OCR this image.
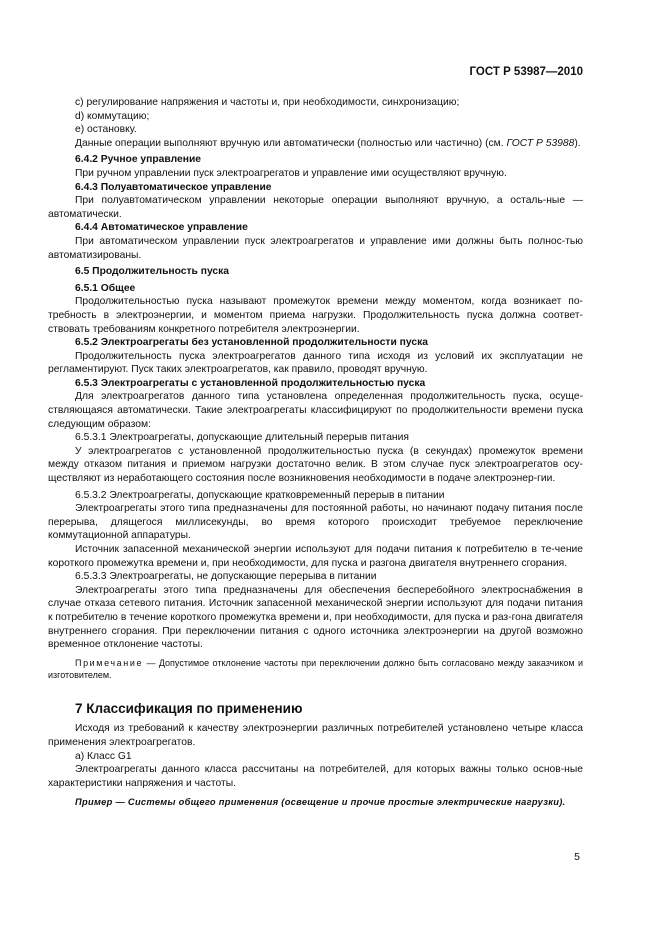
ГОСТ Р 53987—2010

с) регулирование напряжения и частоты и, при необходимости, синхронизацию;

d) коммутацию;

e) остановку.

Данные операции выполняют вручную или автоматически (полностью или частично) (см. ГОСТ Р 53988).

6.4.2 Ручное управление

При ручном управлении пуск электроагрегатов и управление ими осуществляют вручную.

6.4.3 Полуавтоматическое управление

При полуавтоматическом управлении некоторые операции выполняют вручную, а осталь-ные — автоматически.

6.4.4 Автоматическое управление

При автоматическом управлении пуск электроагрегатов и управление ими должны быть полнос-тью автоматизированы.

6.5 Продолжительность пуска

6.5.1 Общее

Продолжительностью пуска называют промежуток времени между моментом, когда возникает по-требность в электроэнергии, и моментом приема нагрузки. Продолжительность пуска должна соответ-ствовать требованиям конкретного потребителя электроэнергии.

6.5.2 Электроагрегаты без установленной продолжительности пуска

Продолжительность пуска электроагрегатов данного типа исходя из условий их эксплуатации не регламентируют. Пуск таких электроагрегатов, как правило, проводят вручную.

6.5.3 Электроагрегаты с установленной продолжительностью пуска

Для электроагрегатов данного типа установлена определенная продолжительность пуска, осуще-ствляющаяся автоматически. Такие электроагрегаты классифицируют по продолжительности времени пуска следующим образом:

6.5.3.1 Электроагрегаты, допускающие длительный перерыв питания

У электроагрегатов с установленной продолжительностью пуска (в секундах) промежуток времени между отказом питания и приемом нагрузки достаточно велик. В этом случае пуск электроагрегатов осу-ществляют из неработающего состояния после возникновения необходимости в подаче электроэнер-гии.

6.5.3.2 Электроагрегаты, допускающие кратковременный перерыв в питании

Электроагрегаты этого типа предназначены для постоянной работы, но начинают подачу питания после перерыва, длящегося миллисекунды, во время которого происходит требуемое переключение коммутационной аппаратуры.

Источник запасенной механической энергии используют для подачи питания к потребителю в те-чение короткого промежутка времени и, при необходимости, для пуска и разгона двигателя внутреннего сгорания.

6.5.3.3 Электроагрегаты, не допускающие перерыва в питании

Электроагрегаты этого типа предназначены для обеспечения бесперебойного электроснабжения в случае отказа сетевого питания. Источник запасенной механической энергии используют для подачи питания к потребителю в течение короткого промежутка времени и, при необходимости, для пуска и раз-гона двигателя внутреннего сгорания. При переключении питания с одного источника электроэнергии на другой возможно временное отклонение частоты.

Примечание — Допустимое отклонение частоты при переключении должно быть согласовано между заказчиком и изготовителем.

7 Классификация по применению

Исходя из требований к качеству электроэнергии различных потребителей установлено четыре класса применения электроагрегатов.

а) Класс G1

Электроагрегаты данного класса рассчитаны на потребителей, для которых важны только основ-ные характеристики напряжения и частоты.

Пример — Системы общего применения (освещение и прочие простые электрические нагрузки).

5
